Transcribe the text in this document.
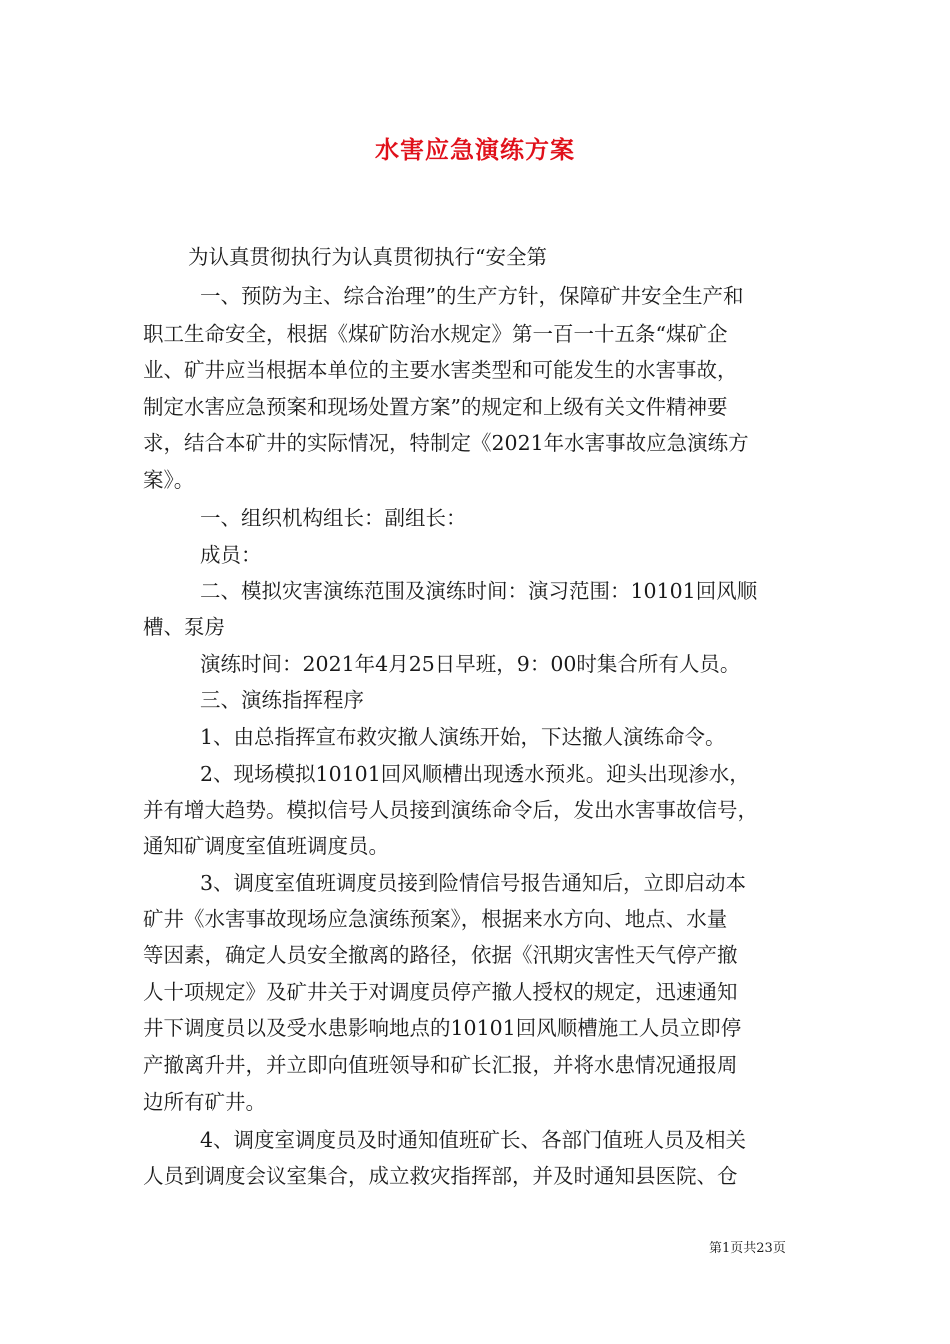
水害应急演练方案

为认真贯彻执行为认真贯彻执行“安全第

一、预防为主、综合治理”的生产方针，保障矿井安全生产和

职工生命安全，根据《煤矿防治水规定》第一百一十五条“煤矿企

业、矿井应当根据本单位的主要水害类型和可能发生的水害事故，

制定水害应急预案和现场处置方案”的规定和上级有关文件精神要

求，结合本矿井的实际情况，特制定《2021年水害事故应急演练方

案》。

一、组织机构组长：副组长：

成员：

二、模拟灾害演练范围及演练时间：演习范围：10101回风顺

槽、泵房

演练时间：2021年4月25日早班，9：00时集合所有人员。

三、演练指挥程序

1、由总指挥宣布救灾撤人演练开始，下达撤人演练命令。

2、现场模拟10101回风顺槽出现透水预兆。迎头出现渗水，

并有增大趋势。模拟信号人员接到演练命令后，发出水害事故信号，

通知矿调度室值班调度员。

3、调度室值班调度员接到险情信号报告通知后，立即启动本

矿井《水害事故现场应急演练预案》，根据来水方向、地点、水量

等因素，确定人员安全撤离的路径，依据《汛期灾害性天气停产撤

人十项规定》及矿井关于对调度员停产撤人授权的规定，迅速通知

井下调度员以及受水患影响地点的10101回风顺槽施工人员立即停

产撤离升井，并立即向值班领导和矿长汇报，并将水患情况通报周

边所有矿井。

4、调度室调度员及时通知值班矿长、各部门值班人员及相关

人员到调度会议室集合，成立救灾指挥部，并及时通知县医院、仓

第1页共23页
